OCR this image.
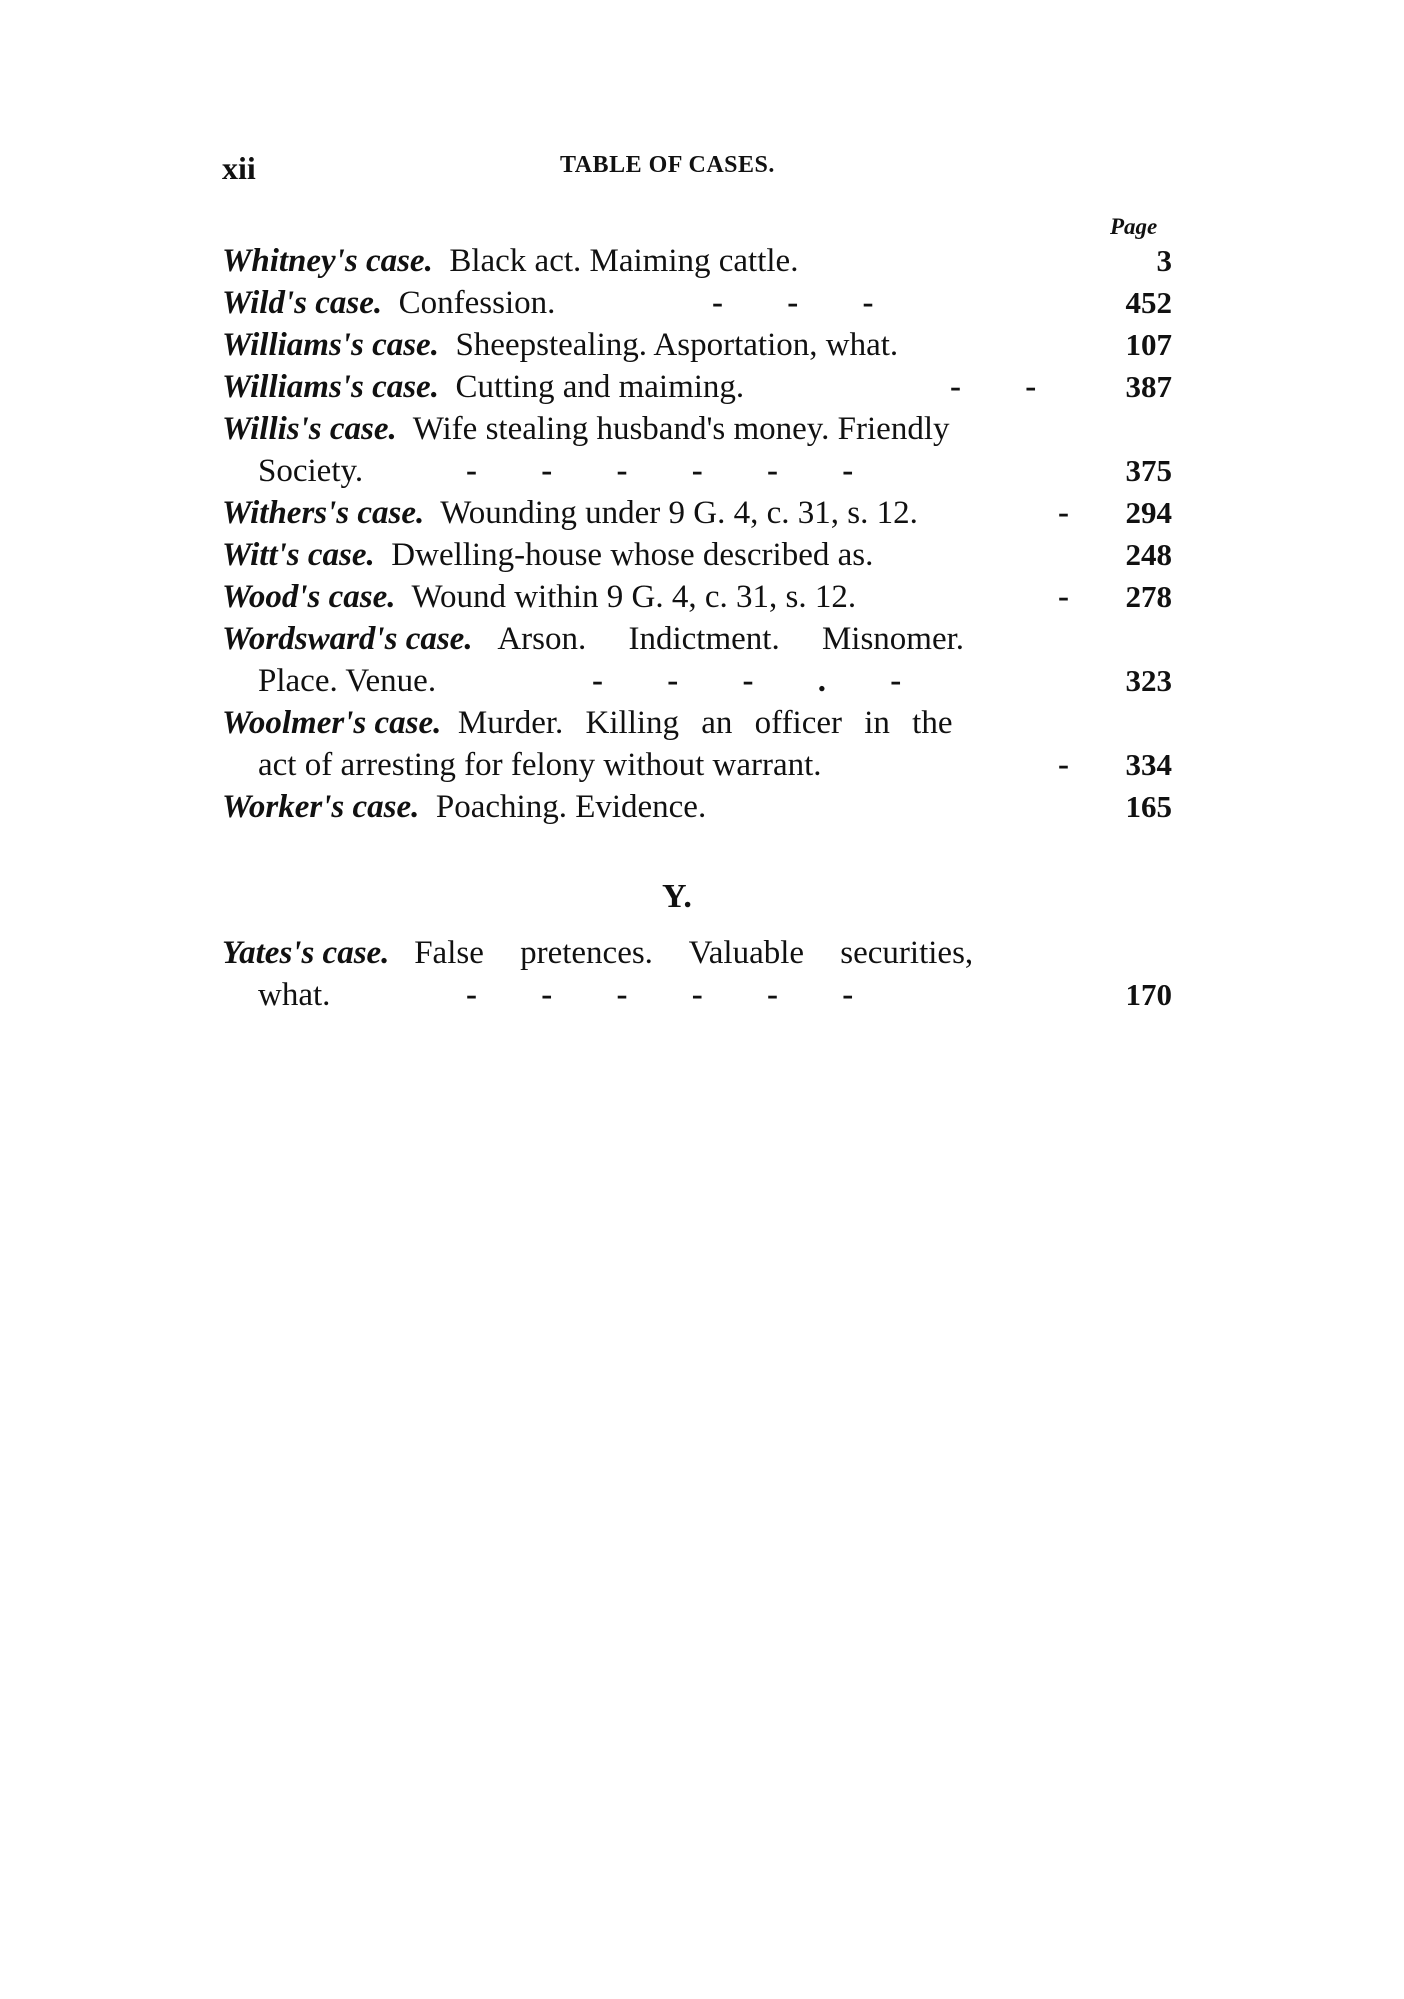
xii	TABLE OF CASES.
Page
Whitney's case. Black act. Maiming cattle.	3
Wild's case. Confession.	- - -	452
Williams's case. Sheepstealing. Asportation, what.	107
Williams's case. Cutting and maiming.	- -	387
Willis's case. Wife stealing husband's money. Friendly
Society.	- - - - - -	375
Withers's case. Wounding under 9 G. 4, c. 31, s. 12.	-	294
Witt's case. Dwelling-house whose described as.	248
Wood's case. Wound within 9 G. 4, c. 31, s. 12.	-	278
Wordsward's case. Arson. Indictment. Misnomer.
Place. Venue.	- - - . -	323
Woolmer's case. Murder. Killing an officer in the
act of arresting for felony without warrant.	-	334
Worker's case. Poaching. Evidence.	165
Y.
Yates's case. False pretences. Valuable securities,
what.	- - - - - -	170
